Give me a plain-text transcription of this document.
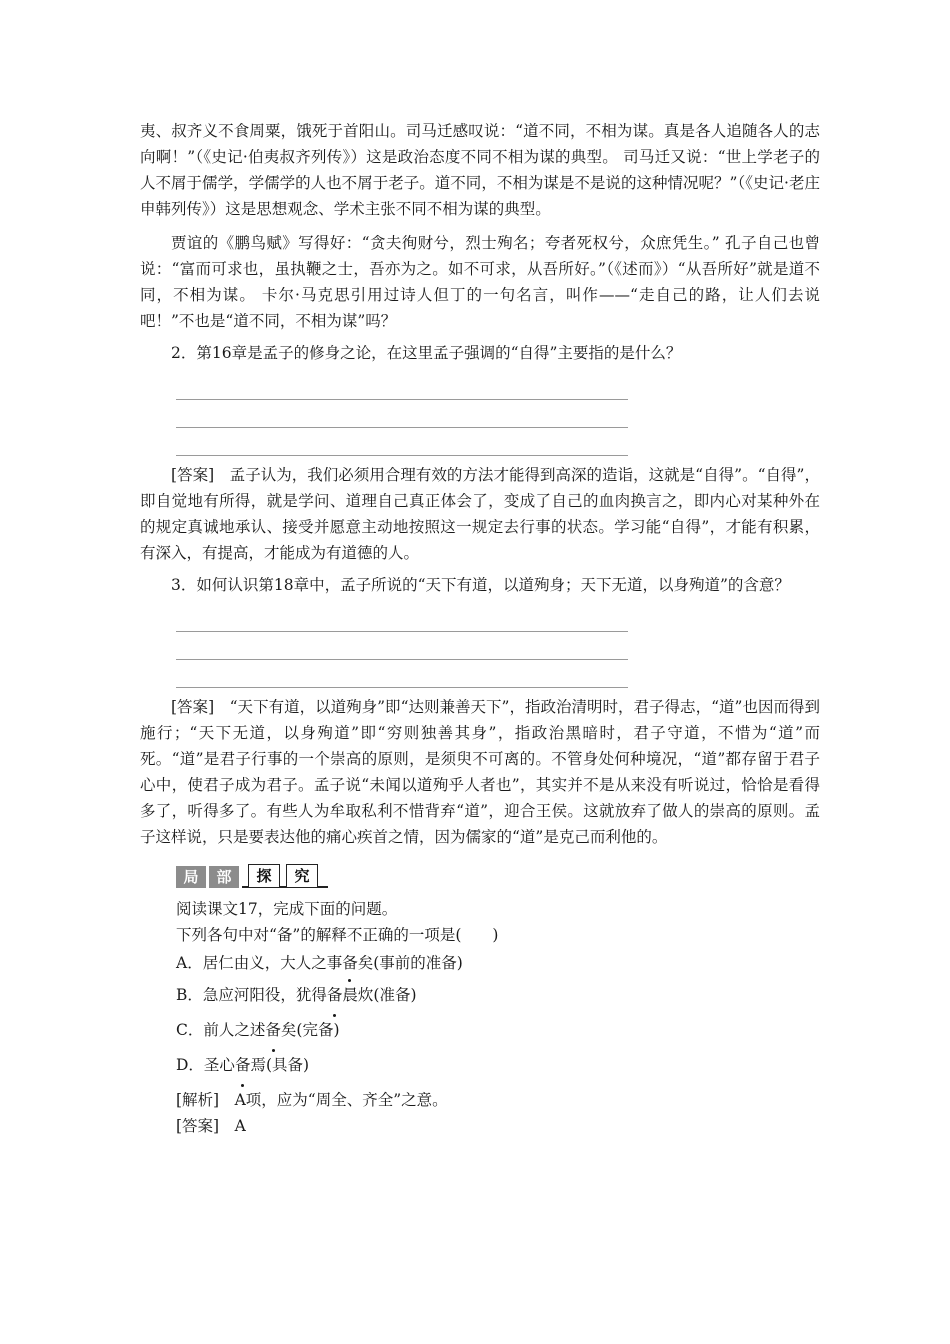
夷、叔齐义不食周粟，饿死于首阳山。司马迁感叹说：“道不同，不相为谋。真是各人追随各人的志向啊！”（《史记·伯夷叔齐列传》）这是政治态度不同不相为谋的典型。 司马迁又说：“世上学老子的人不屑于儒学，学儒学的人也不屑于老子。道不同，不相为谋是不是说的这种情况呢？”（《史记·老庄申韩列传》）这是思想观念、学术主张不同不相为谋的典型。

贾谊的《鹏鸟赋》写得好：“贪夫徇财兮，烈士殉名；夸者死权兮，众庶凭生。” 孔子自己也曾说：“富而可求也，虽执鞭之士，吾亦为之。如不可求，从吾所好。”（《述而》）“从吾所好”就是道不同，不相为谋。 卡尔·马克思引用过诗人但丁的一句名言，叫作——“走自己的路，让人们去说吧！”不也是“道不同，不相为谋”吗？

2．第16章是孟子的修身之论，在这里孟子强调的“自得”主要指的是什么？

[答案]  孟子认为，我们必须用合理有效的方法才能得到高深的造诣，这就是“自得”。“自得”，即自觉地有所得，就是学问、道理自己真正体会了，变成了自己的血肉换言之，即内心对某种外在的规定真诚地承认、接受并愿意主动地按照这一规定去行事的状态。学习能“自得”，才能有积累，有深入，有提高，才能成为有道德的人。

3．如何认识第18章中，孟子所说的“天下有道，以道殉身；天下无道，以身殉道”的含意？

[答案]  “天下有道，以道殉身”即“达则兼善天下”，指政治清明时，君子得志，“道”也因而得到施行；“天下无道，以身殉道”即“穷则独善其身”，指政治黑暗时，君子守道，不惜为“道”而死。“道”是君子行事的一个崇高的原则，是须臾不可离的。不管身处何种境况，“道”都存留于君子心中，使君子成为君子。孟子说“未闻以道殉乎人者也”，其实并不是从来没有听说过，恰恰是看得多了，听得多了。有些人为牟取私利不惜背弃“道”，迎合王侯。这就放弃了做人的崇高的原则。孟子这样说，只是要表达他的痛心疾首之情，因为儒家的“道”是克己而利他的。

局	部	探	究

阅读课文17，完成下面的问题。

下列各句中对“备”的解释不正确的一项是(　　)

A．居仁由义，大人之事备矣(事前的准备)

B．急应河阳役，犹得备晨炊(准备)

C．前人之述备矣(完备)

D．圣心备焉(具备)

[解析]  A项，应为“周全、齐全”之意。

[答案]  A
